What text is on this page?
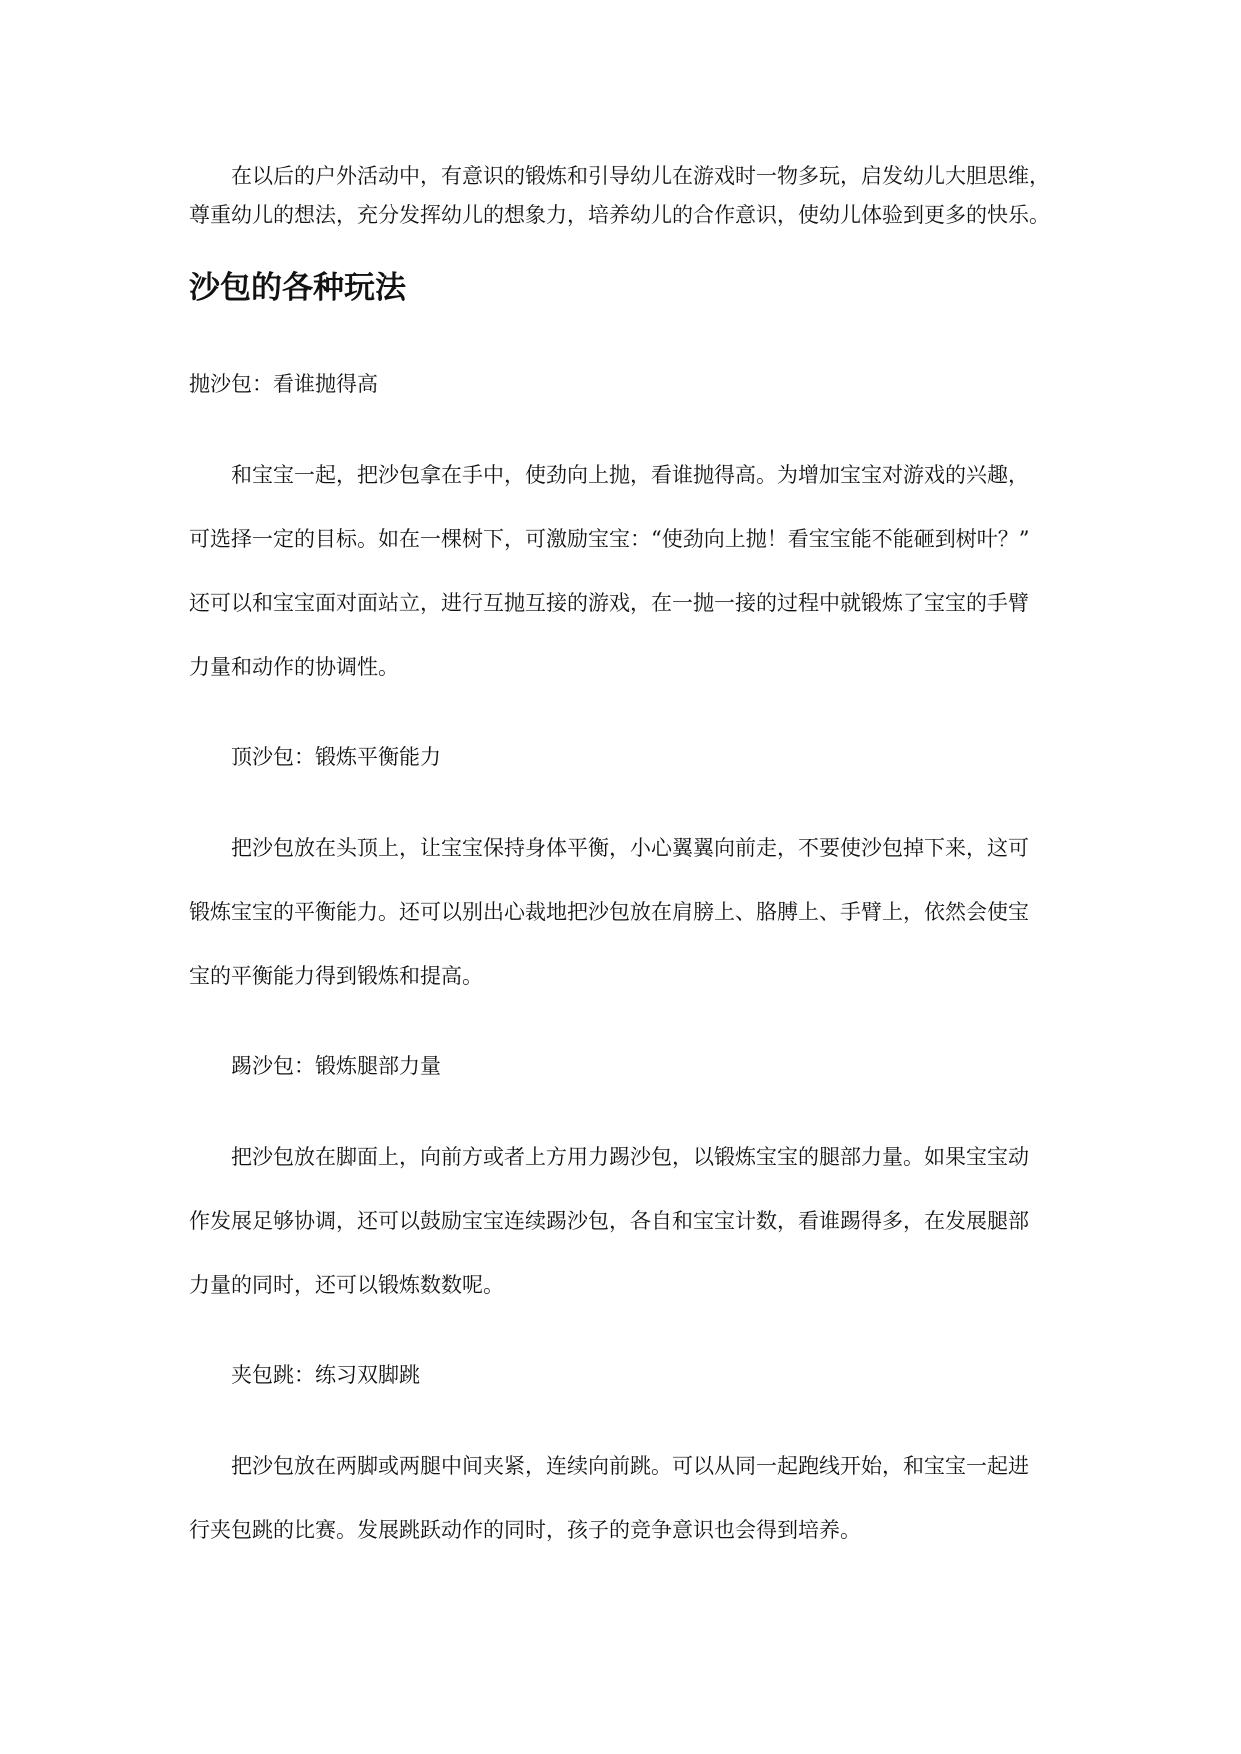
在以后的户外活动中，有意识的锻炼和引导幼儿在游戏时一物多玩，启发幼儿大胆思维，

尊重幼儿的想法，充分发挥幼儿的想象力，培养幼儿的合作意识，使幼儿体验到更多的快乐。

沙包的各种玩法

抛沙包：看谁抛得高

和宝宝一起，把沙包拿在手中，使劲向上抛，看谁抛得高。为增加宝宝对游戏的兴趣，

可选择一定的目标。如在一棵树下，可激励宝宝：“使劲向上抛！看宝宝能不能砸到树叶？”

还可以和宝宝面对面站立，进行互抛互接的游戏，在一抛一接的过程中就锻炼了宝宝的手臂

力量和动作的协调性。

顶沙包：锻炼平衡能力

把沙包放在头顶上，让宝宝保持身体平衡，小心翼翼向前走，不要使沙包掉下来，这可

锻炼宝宝的平衡能力。还可以别出心裁地把沙包放在肩膀上、胳膊上、手臂上，依然会使宝

宝的平衡能力得到锻炼和提高。

踢沙包：锻炼腿部力量

把沙包放在脚面上，向前方或者上方用力踢沙包，以锻炼宝宝的腿部力量。如果宝宝动

作发展足够协调，还可以鼓励宝宝连续踢沙包，各自和宝宝计数，看谁踢得多，在发展腿部

力量的同时，还可以锻炼数数呢。

夹包跳：练习双脚跳

把沙包放在两脚或两腿中间夹紧，连续向前跳。可以从同一起跑线开始，和宝宝一起进

行夹包跳的比赛。发展跳跃动作的同时，孩子的竞争意识也会得到培养。
